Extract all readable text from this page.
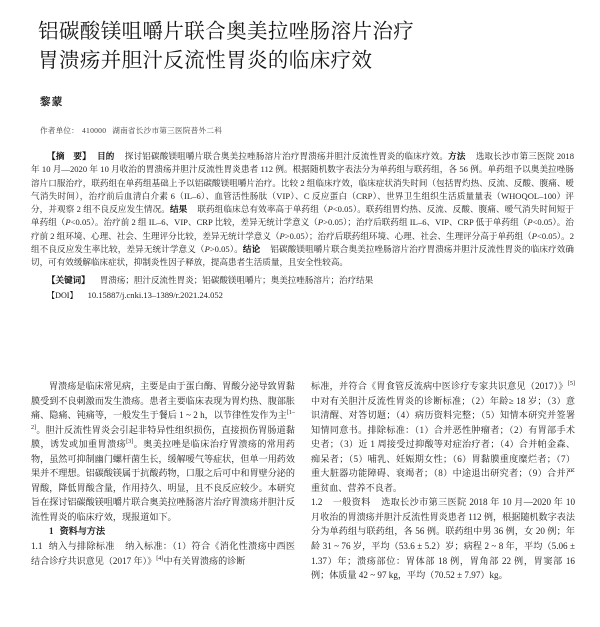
铝碳酸镁咀嚼片联合奥美拉唑肠溶片治疗
胃溃疡并胆汁反流性胃炎的临床疗效
黎蒙
作者单位： 410000 湖南省长沙市第三医院普外二科

【摘　要】 目的 探讨铝碳酸镁咀嚼片联合奥美拉唑肠溶片治疗胃溃疡并胆汁反流性胃炎的临床疗效。方法 选取长沙市第三医院 2018 年 10 月—2020 年 10 月收治的胃溃疡并胆汁反流性胃炎患者 112 例。根据随机数字表法分为单药组与联药组，各 56 例。单药组予以奥美拉唑肠溶片口服治疗，联药组在单药组基础上予以铝碳酸镁咀嚼片治疗。比较 2 组临床疗效，临床症状消失时间（包括胃灼热、反流、反酸、腹痛、嗳气消失时间），治疗前后血清白介素 6（IL–6）、血管活性肠肽（VIP）、C 反应蛋白（CRP）、世界卫生组织生活质量量表（WHOQOL–100）评分，并观察 2 组不良反应发生情况。结果 联药组临床总有效率高于单药组（P<0.05）。联药组胃灼热、反流、反酸、腹痛、嗳气消失时间短于单药组（P<0.05）。治疗前 2 组 IL–6、VIP、CRP 比较，差异无统计学意义（P>0.05）；治疗后联药组 IL–6、VIP、CRP 低于单药组（P<0.05）。治疗前 2 组环境、心理、社会、生理评分比较，差异无统计学意义（P>0.05）；治疗后联药组环境、心理、社会、生理评分高于单药组（P<0.05）。2组不良反应发生率比较，差异无统计学意义（P>0.05）。结论 铝碳酸镁咀嚼片联合奥美拉唑肠溶片治疗胃溃疡并胆汁反流性胃炎的临床疗效确切，可有效缓解临床症状，抑制炎性因子释放，提高患者生活质量，且安全性较高。

【关键词】 胃溃疡；胆汁反流性胃炎；铝碳酸镁咀嚼片；奥美拉唑肠溶片；治疗结果

【DOI】 10.15887/j.cnki.13–1389/r.2021.24.052

胃溃疡是临床常见病，主要是由于蛋白酶、胃酸分泌导致胃黏膜受到不良刺激而发生溃疡。患者主要临床表现为胃灼热、腹部胀痛、隐痛、钝痛等，一般发生于餐后 1 ~ 2 h，以节律性发作为主[1–2]。胆汁反流性胃炎会引起非特异性组织损伤，直接损伤胃肠道黏膜，诱发或加重胃溃疡[3]。奥美拉唑是临床治疗胃溃疡的常用药物，虽然可抑制幽门螺杆菌生长，缓解嗳气等症状，但单一用药效果并不理想。铝碳酸镁属于抗酸药物，口服之后可中和胃壁分泌的胃酸，降低胃酸含量，作用持久、明显，且不良反应较少。本研究旨在探讨铝碳酸镁咀嚼片联合奥美拉唑肠溶片治疗胃溃疡并胆汁反流性胃炎的临床疗效，现报道如下。

1 资料与方法

1.1 纳入与排除标准 纳入标准：（1）符合《消化性溃疡中西医结合诊疗共识意见（2017 年）》[4]中有关胃溃疡的诊断

标准，并符合《胃食管反流病中医诊疗专家共识意见（2017）》[5]中对有关胆汁反流性胃炎的诊断标准；（2）年龄≥ 18 岁；（3）意识清醒、对答切题；（4）病历资料完整；（5）知情本研究并签署知情同意书。排除标准：（1）合并恶性肿瘤者；（2）有胃部手术史者；（3）近 1 周接受过抑酸等对症治疗者；（4）合并帕金森、痴呆者；（5）哺乳、妊娠期女性；（6）胃黏膜重度糜烂者；（7）重大脏器功能障碍、衰竭者；（8）中途退出研究者；（9）合并严重贫血、营养不良者。

1.2 一般资料 选取长沙市第三医院 2018 年 10 月—2020 年 10 月收治的胃溃疡并胆汁反流性胃炎患者 112 例，根据随机数字表法分为单药组与联药组，各 56 例。联药组中男 36 例，女 20 例；年龄 31 ~ 76 岁，平均（53.6 ± 5.2）岁；病程 2 ~ 8 年，平均（5.06 ± 1.37）年；溃疡部位：胃体部 18 例，胃角部 22 例，胃窦部 16 例；体质量 42 ~ 97 kg，平均（70.52 ± 7.97）kg。
